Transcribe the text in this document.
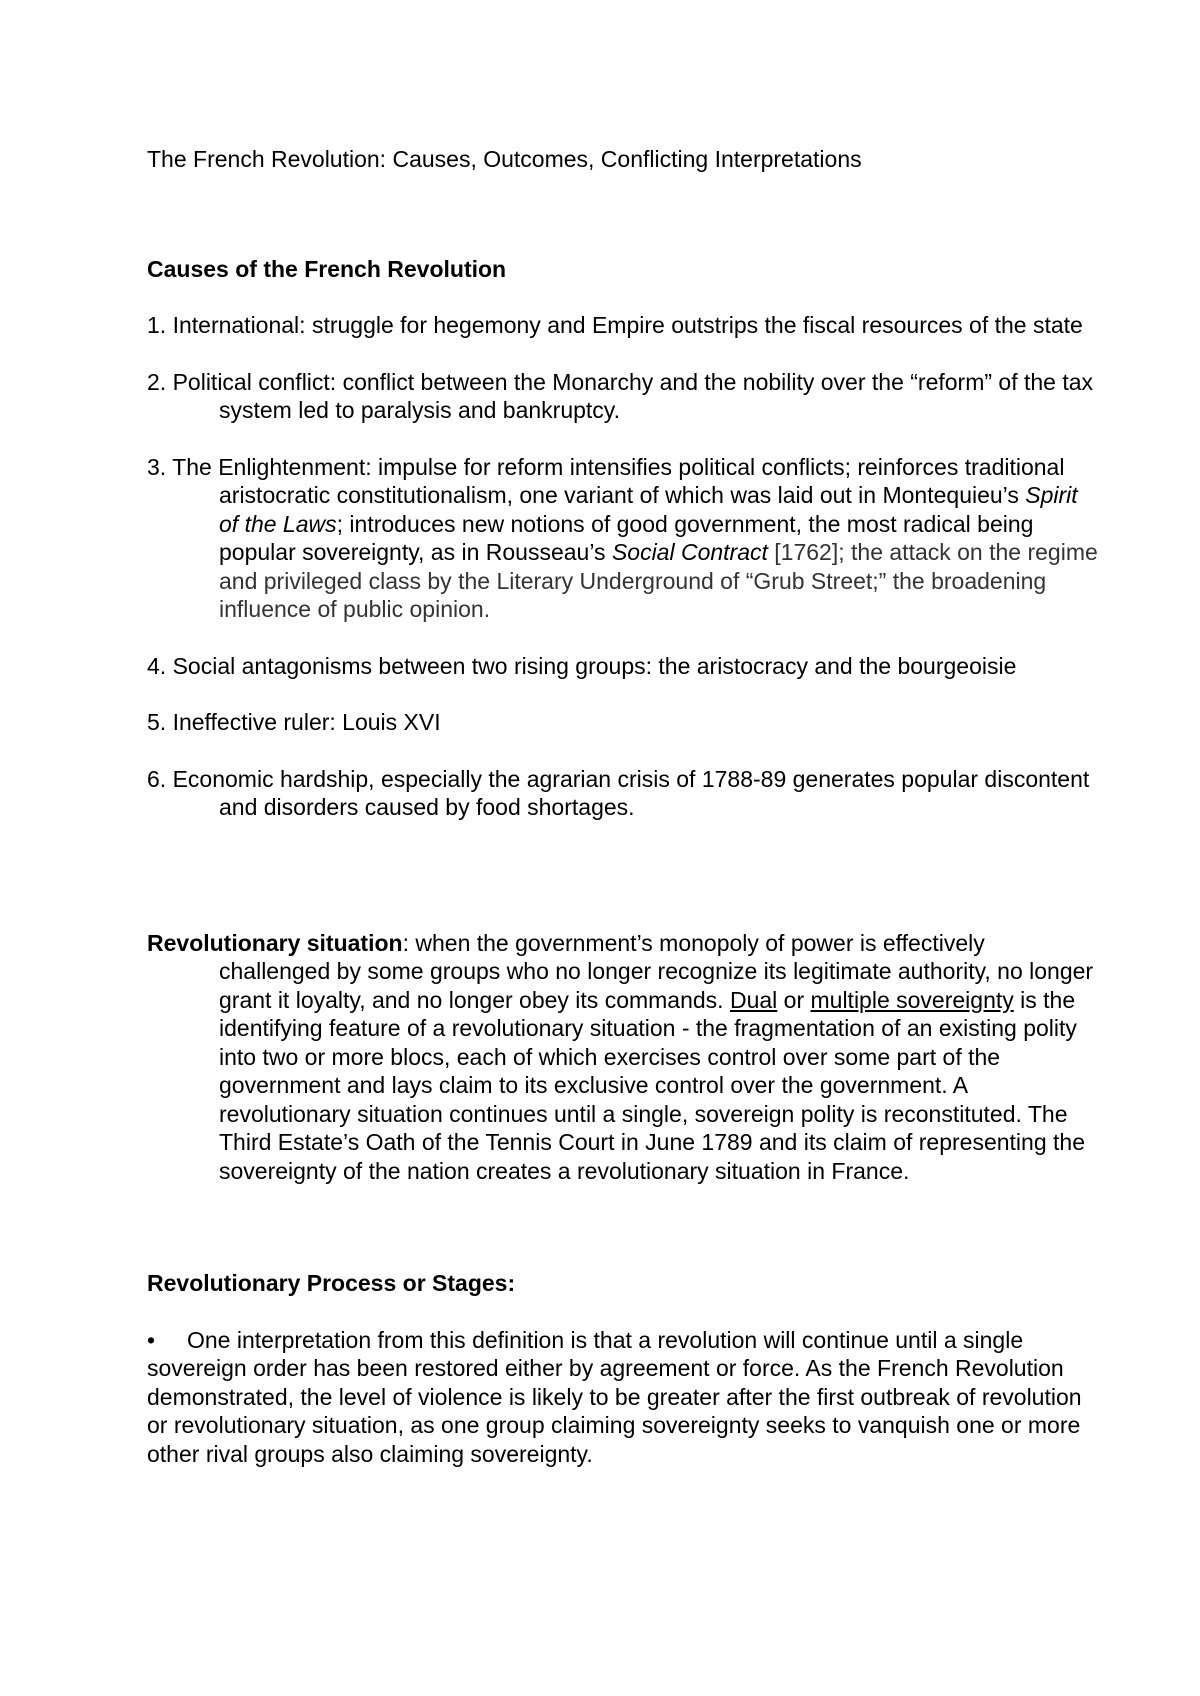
The French Revolution: Causes, Outcomes, Conflicting Interpretations

Causes of the French Revolution
1. International: struggle for hegemony and Empire outstrips the fiscal resources of the state
2. Political conflict: conflict between the Monarchy and the nobility over the “reform” of the tax system led to paralysis and bankruptcy.
3. The Enlightenment: impulse for reform intensifies political conflicts; reinforces traditional aristocratic constitutionalism, one variant of which was laid out in Montequieu’s Spirit of the Laws; introduces new notions of good government, the most radical being popular sovereignty, as in Rousseau’s Social Contract [1762]; the attack on the regime and privileged class by the Literary Underground of “Grub Street;” the broadening influence of public opinion.
4. Social antagonisms between two rising groups: the aristocracy and the bourgeoisie
5. Ineffective ruler: Louis XVI
6. Economic hardship, especially the agrarian crisis of 1788-89 generates popular discontent and disorders caused by food shortages.

Revolutionary situation: when the government’s monopoly of power is effectively challenged by some groups who no longer recognize its legitimate authority, no longer grant it loyalty, and no longer obey its commands. Dual or multiple sovereignty is the identifying feature of a revolutionary situation - the fragmentation of an existing polity into two or more blocs, each of which exercises control over some part of the government and lays claim to its exclusive control over the government. A revolutionary situation continues until a single, sovereign polity is reconstituted. The Third Estate’s Oath of the Tennis Court in June 1789 and its claim of representing the sovereignty of the nation creates a revolutionary situation in France.

Revolutionary Process or Stages:
• One interpretation from this definition is that a revolution will continue until a single sovereign order has been restored either by agreement or force. As the French Revolution demonstrated, the level of violence is likely to be greater after the first outbreak of revolution or revolutionary situation, as one group claiming sovereignty seeks to vanquish one or more other rival groups also claiming sovereignty.
